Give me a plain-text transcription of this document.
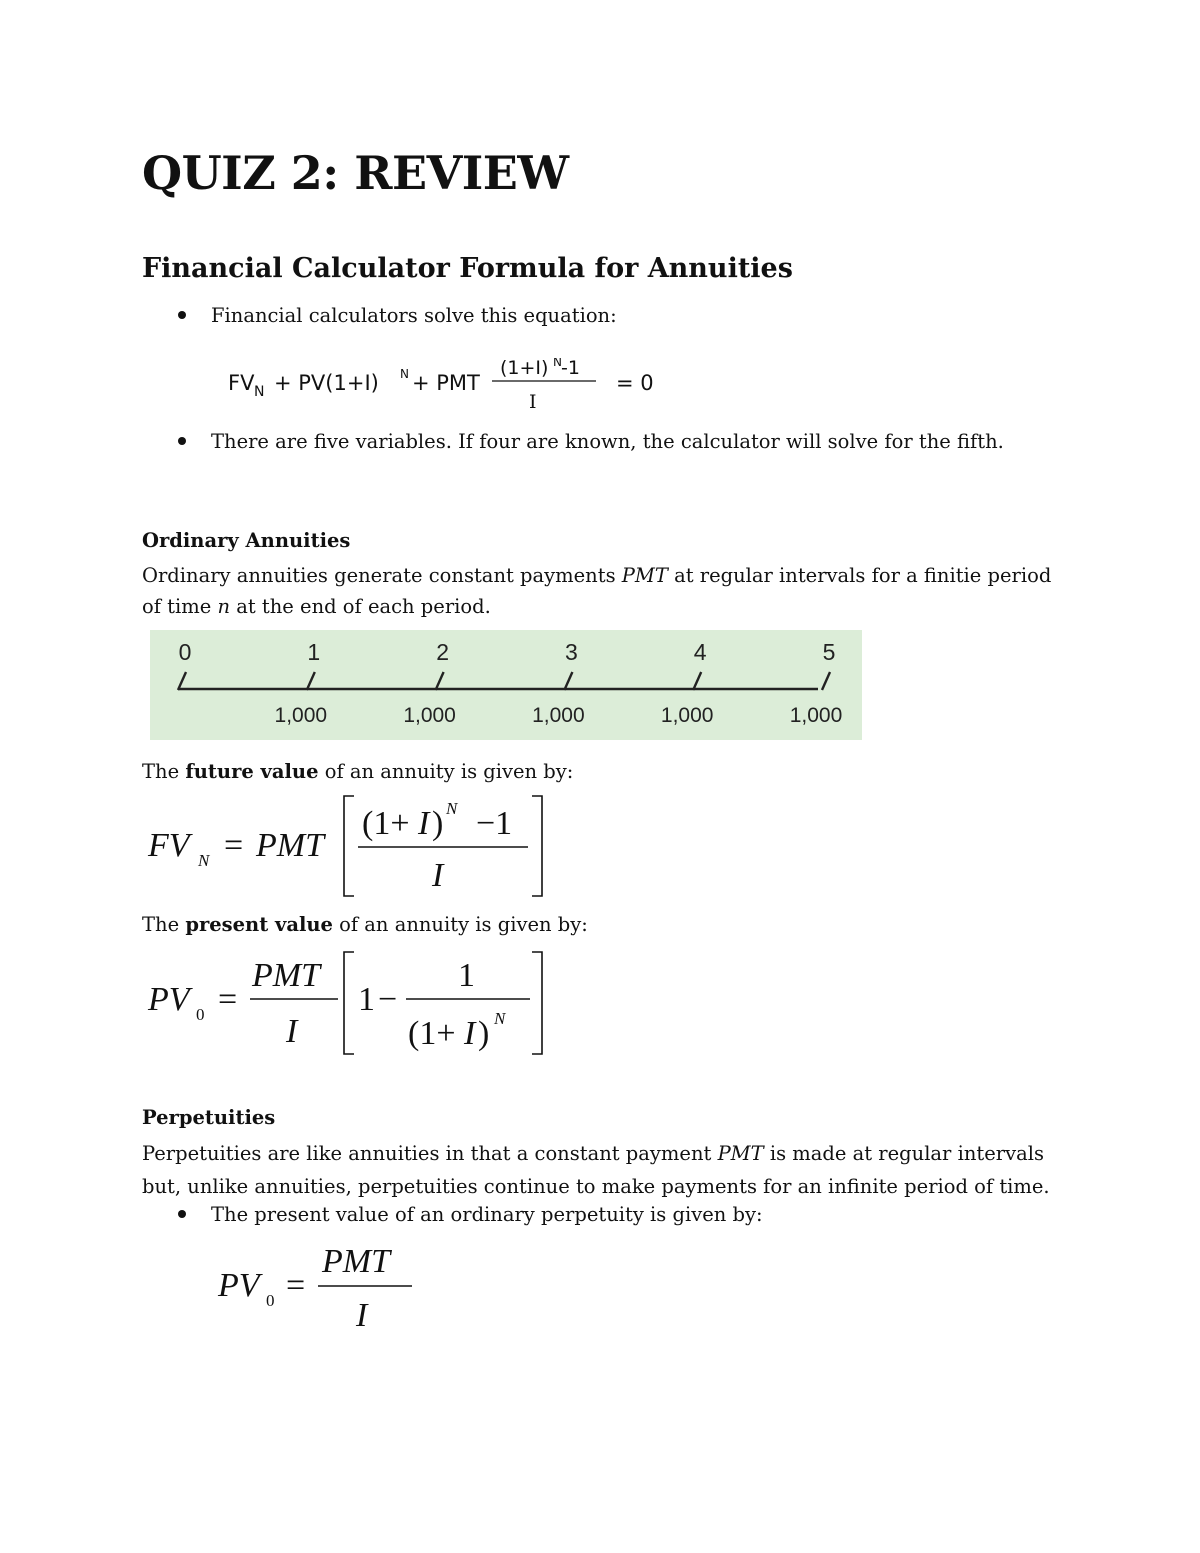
QUIZ 2: REVIEW
Financial Calculator Formula for Annuities
Financial calculators solve this equation:
FV N + PV(1+I) N + PMT
(1+I) N -1
I
= 0
There are five variables. If four are known, the calculator will solve for the fifth.
Ordinary Annuities
Ordinary annuities generate constant payments PMT at regular intervals for a finitie period
of time n at the end of each period.
0	1
1,000
2
1,000
3
1,000
4
1,000
5
1,000
The future value of an annuity is given by:
FV N = PMT
(1+ I ) N −1
I
The present value of an annuity is given by:
PV 0 =
PMT
I
1 −
1
(1+ I ) N
Perpetuities
Perpetuities are like annuities in that a constant payment PMT is made at regular intervals
but, unlike annuities, perpetuities continue to make payments for an infinite period of time.
The present value of an ordinary perpetuity is given by:
PV 0 =
PMT
I
